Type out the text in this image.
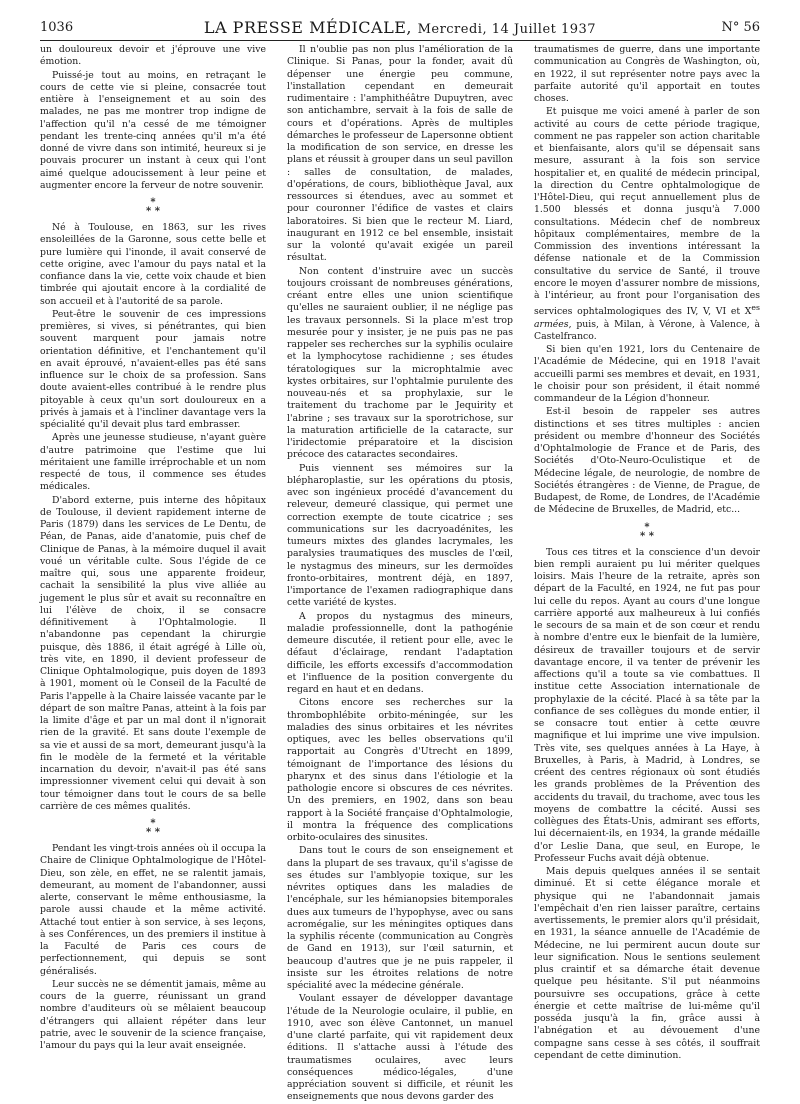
1036	LA PRESSE MÉDICALE, Mercredi, 14 Juillet 1937	N° 56

un douloureux devoir et j'éprouve une vive émotion.

Puissé-je tout au moins, en retraçant le cours de cette vie si pleine, consacrée tout entière à l'enseignement et au soin des malades, ne pas me montrer trop indigne de l'affection qu'il n'a cessé de me témoigner pendant les trente-cinq années qu'il m'a été donné de vivre dans son intimité, heureux si je pouvais procurer un instant à ceux qui l'ont aimé quelque adoucissement à leur peine et augmenter encore la ferveur de notre souvenir.

*
* *

Né à Toulouse, en 1863, sur les rives ensoleillées de la Garonne, sous cette belle et pure lumière qui l'inonde, il avait conservé de cette origine, avec l'amour du pays natal et la confiance dans la vie, cette voix chaude et bien timbrée qui ajoutait encore à la cordialité de son accueil et à l'autorité de sa parole.

Peut-être le souvenir de ces impressions premières, si vives, si pénétrantes, qui bien souvent marquent pour jamais notre orientation définitive, et l'enchantement qu'il en avait éprouvé, n'avaient-elles pas été sans influence sur le choix de sa profession. Sans doute avaient-elles contribué à le rendre plus pitoyable à ceux qu'un sort douloureux en a privés à jamais et à l'incliner davantage vers la spécialité qu'il devait plus tard embrasser.

Après une jeunesse studieuse, n'ayant guère d'autre patrimoine que l'estime que lui méritaient une famille irréprochable et un nom respecté de tous, il commence ses études médicales.

D'abord externe, puis interne des hôpitaux de Toulouse, il devient rapidement interne de Paris (1879) dans les services de Le Dentu, de Péan, de Panas, aide d'anatomie, puis chef de Clinique de Panas, à la mémoire duquel il avait voué un véritable culte. Sous l'égide de ce maître qui, sous une apparente froideur, cachait la sensibilité la plus vive alliée au jugement le plus sûr et avait su reconnaître en lui l'élève de choix, il se consacre définitivement à l'Ophtalmologie. Il n'abandonne pas cependant la chirurgie puisque, dès 1886, il était agrégé à Lille où, très vite, en 1890, il devient professeur de Clinique Ophtalmologique, puis doyen de 1893 à 1901, moment où le Conseil de la Faculté de Paris l'appelle à la Chaire laissée vacante par le départ de son maître Panas, atteint à la fois par la limite d'âge et par un mal dont il n'ignorait rien de la gravité. Et sans doute l'exemple de sa vie et aussi de sa mort, demeurant jusqu'à la fin le modèle de la fermeté et la véritable incarnation du devoir, n'avait-il pas été sans impressionner vivement celui qui devait à son tour témoigner dans tout le cours de sa belle carrière de ces mêmes qualités.

*
* *

Pendant les vingt-trois années où il occupa la Chaire de Clinique Ophtalmologique de l'Hôtel-Dieu, son zèle, en effet, ne se ralentit jamais, demeurant, au moment de l'abandonner, aussi alerte, conservant le même enthousiasme, la parole aussi chaude et la même activité. Attaché tout entier à son service, à ses leçons, à ses Conférences, un des premiers il institue à la Faculté de Paris ces cours de perfectionnement, qui depuis se sont généralisés.

Leur succès ne se démentit jamais, même au cours de la guerre, réunissant un grand nombre d'auditeurs où se mêlaient beaucoup d'étrangers qui allaient répéter dans leur patrie, avec le souvenir de la science française, l'amour du pays qui la leur avait enseignée.

Il n'oublie pas non plus l'amélioration de la Clinique. Si Panas, pour la fonder, avait dû dépenser une énergie peu commune, l'installation cependant en demeurait rudimentaire : l'amphithéâtre Dupuytren, avec son antichambre, servait à la fois de salle de cours et d'opérations. Après de multiples démarches le professeur de Lapersonne obtient la modification de son service, en dresse les plans et réussit à grouper dans un seul pavillon : salles de consultation, de malades, d'opérations, de cours, bibliothèque Javal, aux ressources si étendues, avec au sommet et pour couronner l'édifice de vastes et clairs laboratoires. Si bien que le recteur M. Liard, inaugurant en 1912 ce bel ensemble, insistait sur la volonté qu'avait exigée un pareil résultat.

Non content d'instruire avec un succès toujours croissant de nombreuses générations, créant entre elles une union scientifique qu'elles ne sauraient oublier, il ne néglige pas les travaux personnels. Si la place m'est trop mesurée pour y insister, je ne puis pas ne pas rappeler ses recherches sur la syphilis oculaire et la lymphocytose rachidienne ; ses études tératologiques sur la microphtalmie avec kystes orbitaires, sur l'ophtalmie purulente des nouveau-nés et sa prophylaxie, sur le traitement du trachome par le Jequirity et l'abrine ; ses travaux sur la sporotrichose, sur la maturation artificielle de la cataracte, sur l'iridectomie préparatoire et la discision précoce des cataractes secondaires.

Puis viennent ses mémoires sur la blépharoplastie, sur les opérations du ptosis, avec son ingénieux procédé d'avancement du releveur, demeuré classique, qui permet une correction exempte de toute cicatrice ; ses communications sur les dacryoadénites, les tumeurs mixtes des glandes lacrymales, les paralysies traumatiques des muscles de l'œil, le nystagmus des mineurs, sur les dermoïdes fronto-orbitaires, montrent déjà, en 1897, l'importance de l'examen radiographique dans cette variété de kystes.

A propos du nystagmus des mineurs, maladie professionnelle, dont la pathogénie demeure discutée, il retient pour elle, avec le défaut d'éclairage, rendant l'adaptation difficile, les efforts excessifs d'accommodation et l'influence de la position convergente du regard en haut et en dedans.

Citons encore ses recherches sur la thrombophlébite orbito-méningée, sur les maladies des sinus orbitaires et les névrites optiques, avec les belles observations qu'il rapportait au Congrès d'Utrecht en 1899, témoignant de l'importance des lésions du pharynx et des sinus dans l'étiologie et la pathologie encore si obscures de ces névrites. Un des premiers, en 1902, dans son beau rapport à la Société française d'Ophtalmologie, il montra la fréquence des complications orbito-oculaires des sinusites.

Dans tout le cours de son enseignement et dans la plupart de ses travaux, qu'il s'agisse de ses études sur l'amblyopie toxique, sur les névrites optiques dans les maladies de l'encéphale, sur les hémianopsies bitemporales dues aux tumeurs de l'hypophyse, avec ou sans acromégalie, sur les méningites optiques dans la syphilis récente (communication au Congrès de Gand en 1913), sur l'œil saturnin, et beaucoup d'autres que je ne puis rappeler, il insiste sur les étroites relations de notre spécialité avec la médecine générale.

Voulant essayer de développer davantage l'étude de la Neurologie oculaire, il publie, en 1910, avec son élève Cantonnet, un manuel d'une clarté parfaite, qui vit rapidement deux éditions. Il s'attache aussi à l'étude des traumatismes oculaires, avec leurs conséquences médico-légales, d'une appréciation souvent si difficile, et réunit les enseignements que nous devons garder des

traumatismes de guerre, dans une importante communication au Congrès de Washington, où, en 1922, il sut représenter notre pays avec la parfaite autorité qu'il apportait en toutes choses.

Et puisque me voici amené à parler de son activité au cours de cette période tragique, comment ne pas rappeler son action charitable et bienfaisante, alors qu'il se dépensait sans mesure, assurant à la fois son service hospitalier et, en qualité de médecin principal, la direction du Centre ophtalmologique de l'Hôtel-Dieu, qui reçut annuellement plus de 1.500 blessés et donna jusqu'à 7.000 consultations. Médecin chef de nombreux hôpitaux complémentaires, membre de la Commission des inventions intéressant la défense nationale et de la Commission consultative du service de Santé, il trouve encore le moyen d'assurer nombre de missions, à l'intérieur, au front pour l'organisation des services ophtalmologiques des IV, V, VI et $X^{es}$ armées, puis, à Milan, à Vérone, à Valence, à Castelfranco.

Si bien qu'en 1921, lors du Centenaire de l'Académie de Médecine, qui en 1918 l'avait accueilli parmi ses membres et devait, en 1931, le choisir pour son président, il était nommé commandeur de la Légion d'honneur.

Est-il besoin de rappeler ses autres distinctions et ses titres multiples : ancien président ou membre d'honneur des Sociétés d'Ophtalmologie de France et de Paris, des Sociétés d'Oto-Neuro-Oculistique et de Médecine légale, de neurologie, de nombre de Sociétés étrangères : de Vienne, de Prague, de Budapest, de Rome, de Londres, de l'Académie de Médecine de Bruxelles, de Madrid, etc...

*
* *

Tous ces titres et la conscience d'un devoir bien rempli auraient pu lui mériter quelques loisirs. Mais l'heure de la retraite, après son départ de la Faculté, en 1924, ne fut pas pour lui celle du repos. Ayant au cours d'une longue carrière apporté aux malheureux à lui confiés le secours de sa main et de son cœur et rendu à nombre d'entre eux le bienfait de la lumière, désireux de travailler toujours et de servir davantage encore, il va tenter de prévenir les affections qu'il a toute sa vie combattues. Il institue cette Association internationale de prophylaxie de la cécité. Placé à sa tête par la confiance de ses collègues du monde entier, il se consacre tout entier à cette œuvre magnifique et lui imprime une vive impulsion. Très vite, ses quelques années à La Haye, à Bruxelles, à Paris, à Madrid, à Londres, se créent des centres régionaux où sont étudiés les grands problèmes de la Prévention des accidents du travail, du trachome, avec tous les moyens de combattre la cécité. Aussi ses collègues des États-Unis, admirant ses efforts, lui décernaient-ils, en 1934, la grande médaille d'or Leslie Dana, que seul, en Europe, le Professeur Fuchs avait déjà obtenue.

Mais depuis quelques années il se sentait diminué. Et si cette élégance morale et physique qui ne l'abandonnait jamais l'empêchait d'en rien laisser paraître, certains avertissements, le premier alors qu'il présidait, en 1931, la séance annuelle de l'Académie de Médecine, ne lui permirent aucun doute sur leur signification. Nous le sentions seulement plus craintif et sa démarche était devenue quelque peu hésitante. S'il put néanmoins poursuivre ses occupations, grâce à cette énergie et cette maîtrise de lui-même qu'il posséda jusqu'à la fin, grâce aussi à l'abnégation et au dévouement d'une compagne sans cesse à ses côtés, il souffrait cependant de cette diminution.
